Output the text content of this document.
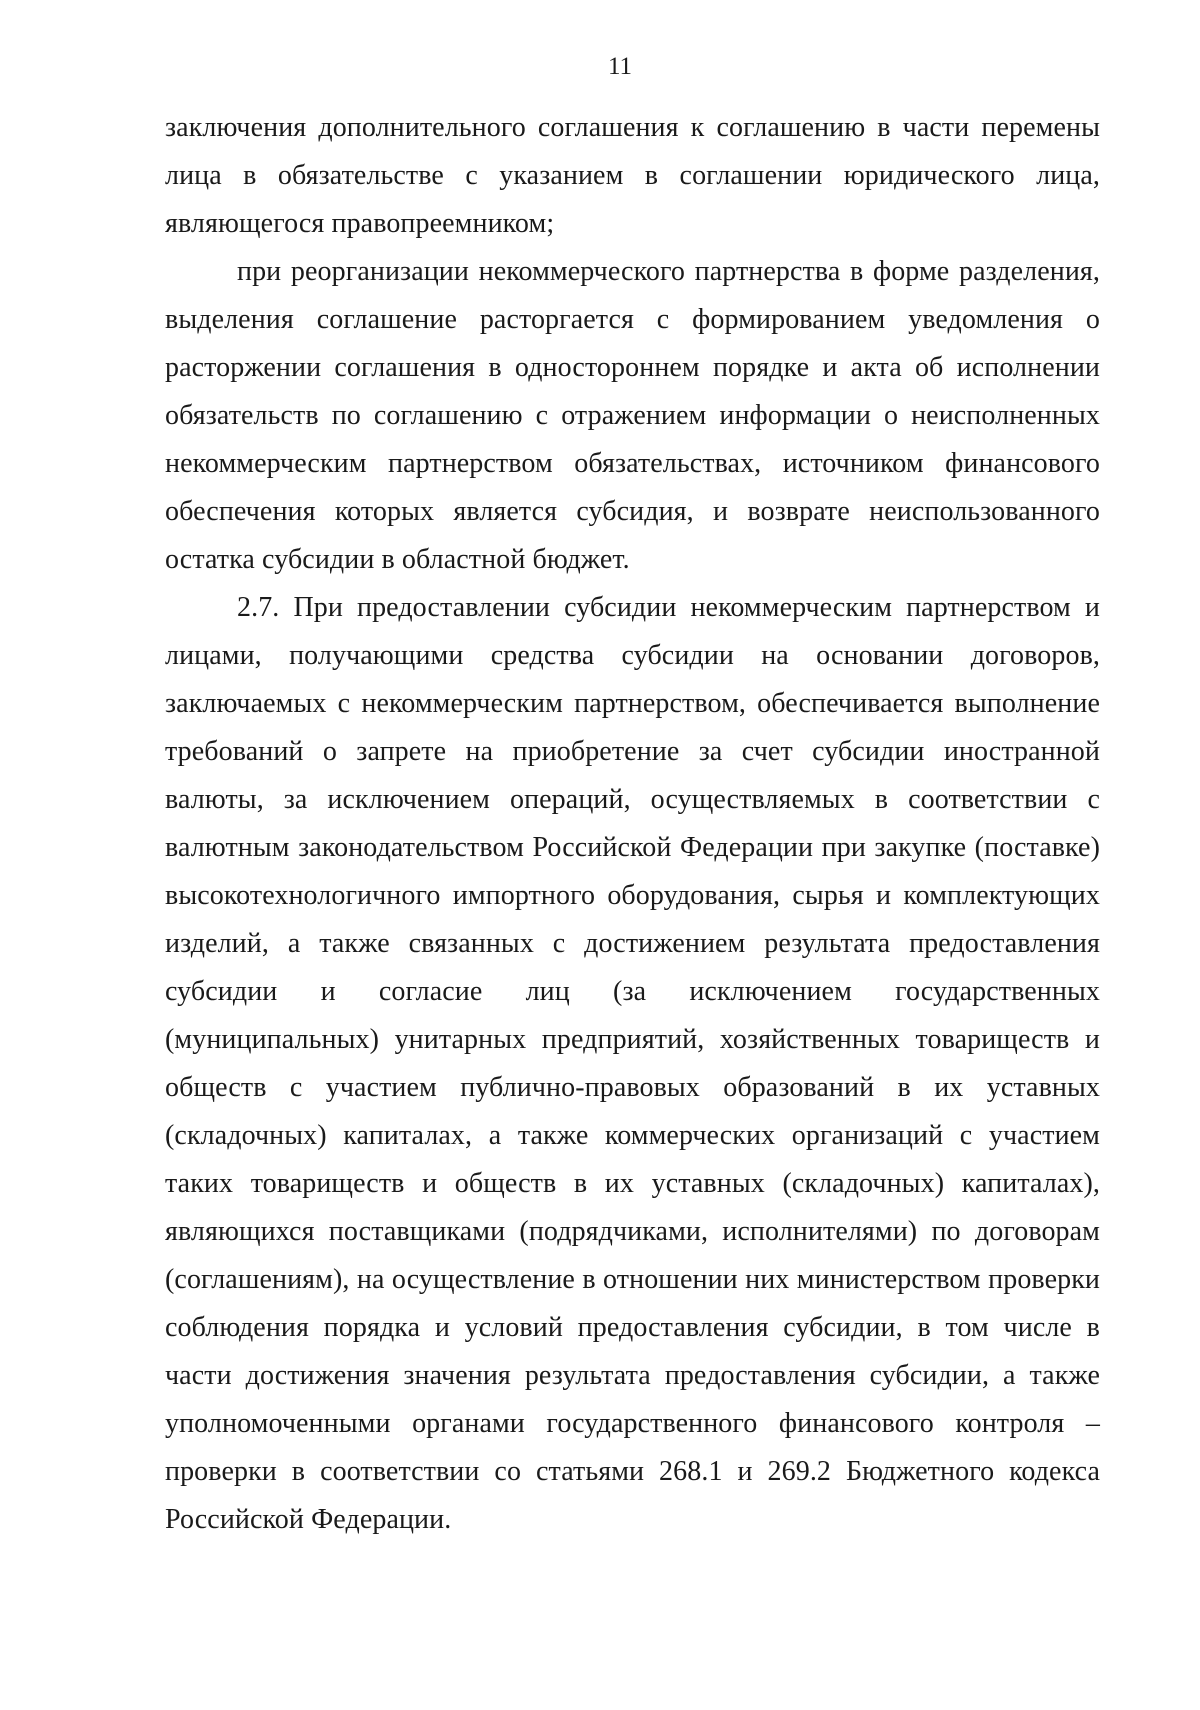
11

заключения дополнительного соглашения к соглашению в части перемены лица в обязательстве с указанием в соглашении юридического лица, являющегося правопреемником;

при реорганизации некоммерческого партнерства в форме разделения, выделения соглашение расторгается с формированием уведомления о расторжении соглашения в одностороннем порядке и акта об исполнении обязательств по соглашению с отражением информации о неисполненных некоммерческим партнерством обязательствах, источником финансового обеспечения которых является субсидия, и возврате неиспользованного остатка субсидии в областной бюджет.

2.7. При предоставлении субсидии некоммерческим партнерством и лицами, получающими средства субсидии на основании договоров, заключаемых с некоммерческим партнерством, обеспечивается выполнение требований о запрете на приобретение за счет субсидии иностранной валюты, за исключением операций, осуществляемых в соответствии с валютным законодательством Российской Федерации при закупке (поставке) высокотехнологичного импортного оборудования, сырья и комплектующих изделий, а также связанных с достижением результата предоставления субсидии и согласие лиц (за исключением государственных (муниципальных) унитарных предприятий, хозяйственных товариществ и обществ с участием публично-правовых образований в их уставных (складочных) капиталах, а также коммерческих организаций с участием таких товариществ и обществ в их уставных (складочных) капиталах), являющихся поставщиками (подрядчиками, исполнителями) по договорам (соглашениям), на осуществление в отношении них министерством проверки соблюдения порядка и условий предоставления субсидии, в том числе в части достижения значения результата предоставления субсидии, а также уполномоченными органами государственного финансового контроля – проверки в соответствии со статьями 268.1 и 269.2 Бюджетного кодекса Российской Федерации.
